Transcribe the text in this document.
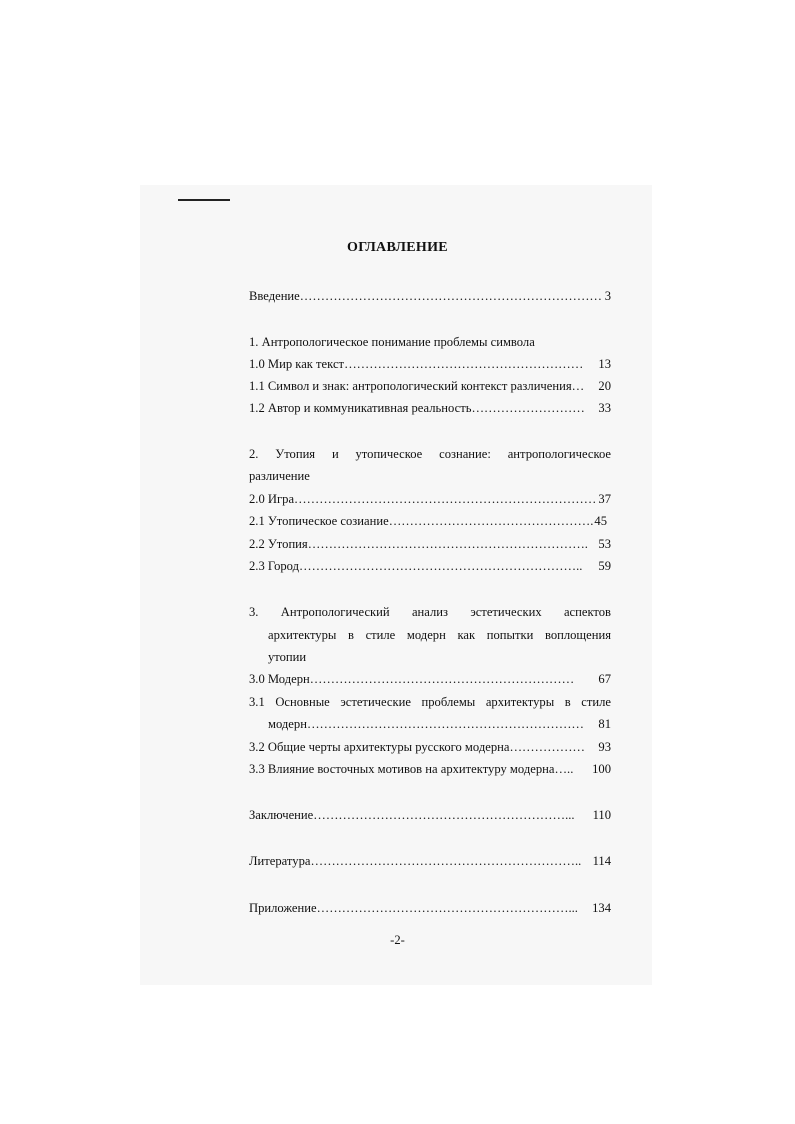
ОГЛАВЛЕНИЕ
Введение ……………………………………………………………… 3
1. Антропологическое понимание проблемы символа
1.0 Мир как текст …………………………………………………	13
1.1 Символ и знак: антропологический контекст различения …	20
1.2 Автор и коммуникативная реальность ………………………	33
2. Утопия и утопическое сознание: антропологическое
различение
2.0 Игра ……………………………………………………………… 37
2.1 Утопическое созиание …………………………………………. 45
2.2 Утопия …………………………………………………………. 53
2.3 Город …………………………………………………………..	59
3. Антропологический анализ эстетических аспектов
архитектуры в стиле модерн как попытки воплощения
утопии
3.0 Модерн ………………………………………………………	67
3.1 Основные эстетические проблемы архитектуры в стиле
модерн …………………………………………………………	81
3.2 Общие черты архитектуры русского модерна ………………	93
3.3 Влияние восточных мотивов на архитектуру модерна …..	100
Заключение ……………………………………………………...	110
Литература ……………………………………………………….. 114
Приложение ……………………………………………………...	134
-2-
